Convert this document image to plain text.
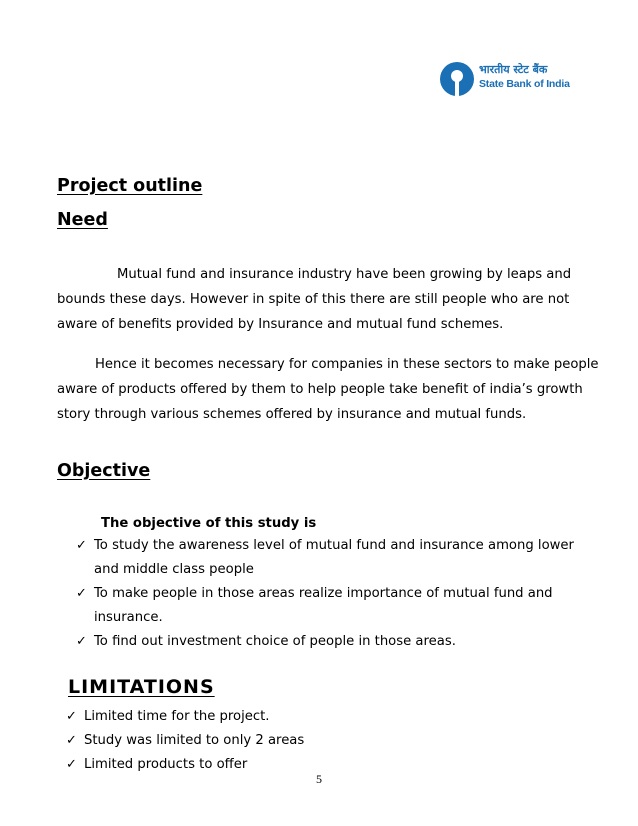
भारतीय स्टेट बैंक
State Bank of India
Project outline
Need
Mutual fund and insurance industry have been growing by leaps and bounds these days. However in spite of this there are still people who are not aware of benefits provided by Insurance and mutual fund schemes.
Hence it becomes necessary for companies in these sectors to make people aware of products offered by them to help people take benefit of india’s growth story through various schemes offered by insurance and mutual funds.
Objective
The objective of this study is
✓ To study the awareness level of mutual fund and insurance among lower and middle class people
✓ To make people in those areas realize importance of mutual fund and insurance.
✓ To find out investment choice of people in those areas.
LIMITATIONS
✓ Limited time for the project.
✓ Study was limited to only 2 areas
✓ Limited products to offer
5
